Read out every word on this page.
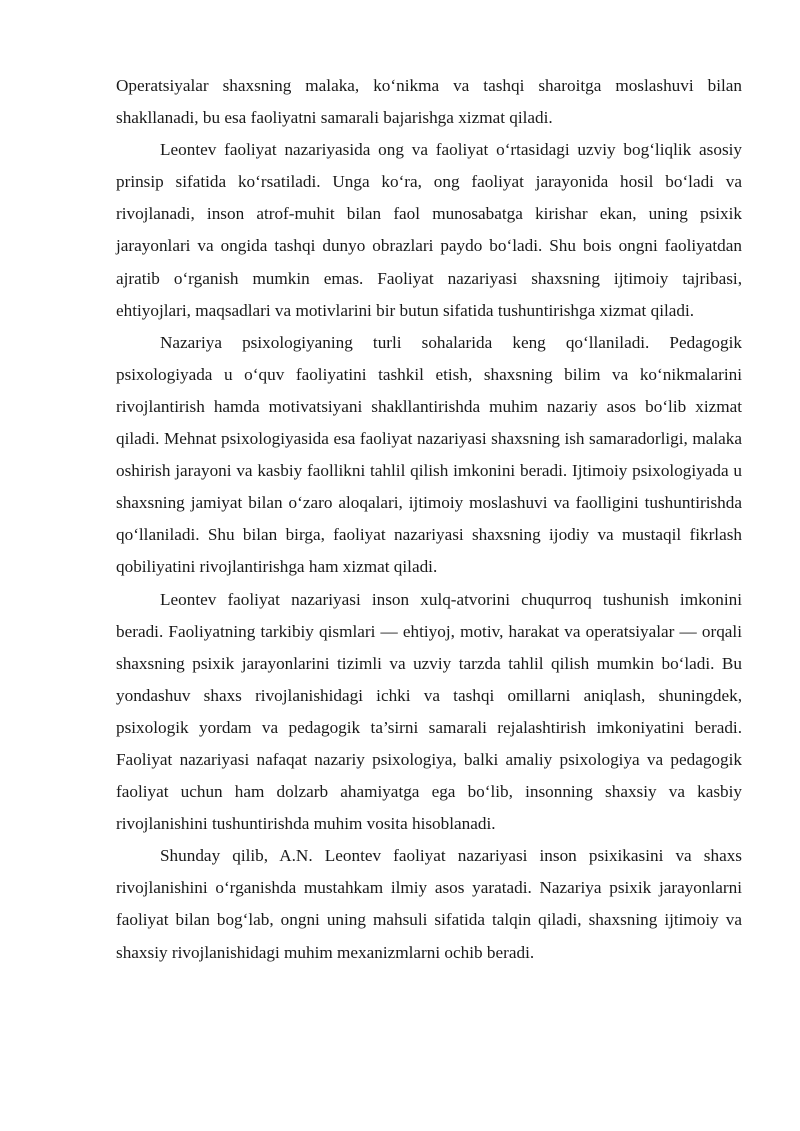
Operatsiyalar shaxsning malaka, ko‘nikma va tashqi sharoitga moslashuvi bilan shakllanadi, bu esa faoliyatni samarali bajarishga xizmat qiladi.

Leontev faoliyat nazariyasida ong va faoliyat o‘rtasidagi uzviy bog‘liqlik asosiy prinsip sifatida ko‘rsatiladi. Unga ko‘ra, ong faoliyat jarayonida hosil bo‘ladi va rivojlanadi, inson atrof-muhit bilan faol munosabatga kirishar ekan, uning psixik jarayonlari va ongida tashqi dunyo obrazlari paydo bo‘ladi. Shu bois ongni faoliyatdan ajratib o‘rganish mumkin emas. Faoliyat nazariyasi shaxsning ijtimoiy tajribasi, ehtiyojlari, maqsadlari va motivlarini bir butun sifatida tushuntirishga xizmat qiladi.

Nazariya psixologiyaning turli sohalarida keng qo‘llaniladi. Pedagogik psixologiyada u o‘quv faoliyatini tashkil etish, shaxsning bilim va ko‘nikmalarini rivojlantirish hamda motivatsiyani shakllantirishda muhim nazariy asos bo‘lib xizmat qiladi. Mehnat psixologiyasida esa faoliyat nazariyasi shaxsning ish samaradorligi, malaka oshirish jarayoni va kasbiy faollikni tahlil qilish imkonini beradi. Ijtimoiy psixologiyada u shaxsning jamiyat bilan o‘zaro aloqalari, ijtimoiy moslashuvi va faolligini tushuntirishda qo‘llaniladi. Shu bilan birga, faoliyat nazariyasi shaxsning ijodiy va mustaqil fikrlash qobiliyatini rivojlantirishga ham xizmat qiladi.

Leontev faoliyat nazariyasi inson xulq-atvorini chuqurroq tushunish imkonini beradi. Faoliyatning tarkibiy qismlari — ehtiyoj, motiv, harakat va operatsiyalar — orqali shaxsning psixik jarayonlarini tizimli va uzviy tarzda tahlil qilish mumkin bo‘ladi. Bu yondashuv shaxs rivojlanishidagi ichki va tashqi omillarni aniqlash, shuningdek, psixologik yordam va pedagogik ta’sirni samarali rejalashtirish imkoniyatini beradi. Faoliyat nazariyasi nafaqat nazariy psixologiya, balki amaliy psixologiya va pedagogik faoliyat uchun ham dolzarb ahamiyatga ega bo‘lib, insonning shaxsiy va kasbiy rivojlanishini tushuntirishda muhim vosita hisoblanadi.

Shunday qilib, A.N. Leontev faoliyat nazariyasi inson psixikasini va shaxs rivojlanishini o‘rganishda mustahkam ilmiy asos yaratadi. Nazariya psixik jarayonlarni faoliyat bilan bog‘lab, ongni uning mahsuli sifatida talqin qiladi, shaxsning ijtimoiy va shaxsiy rivojlanishidagi muhim mexanizmlarni ochib beradi.
